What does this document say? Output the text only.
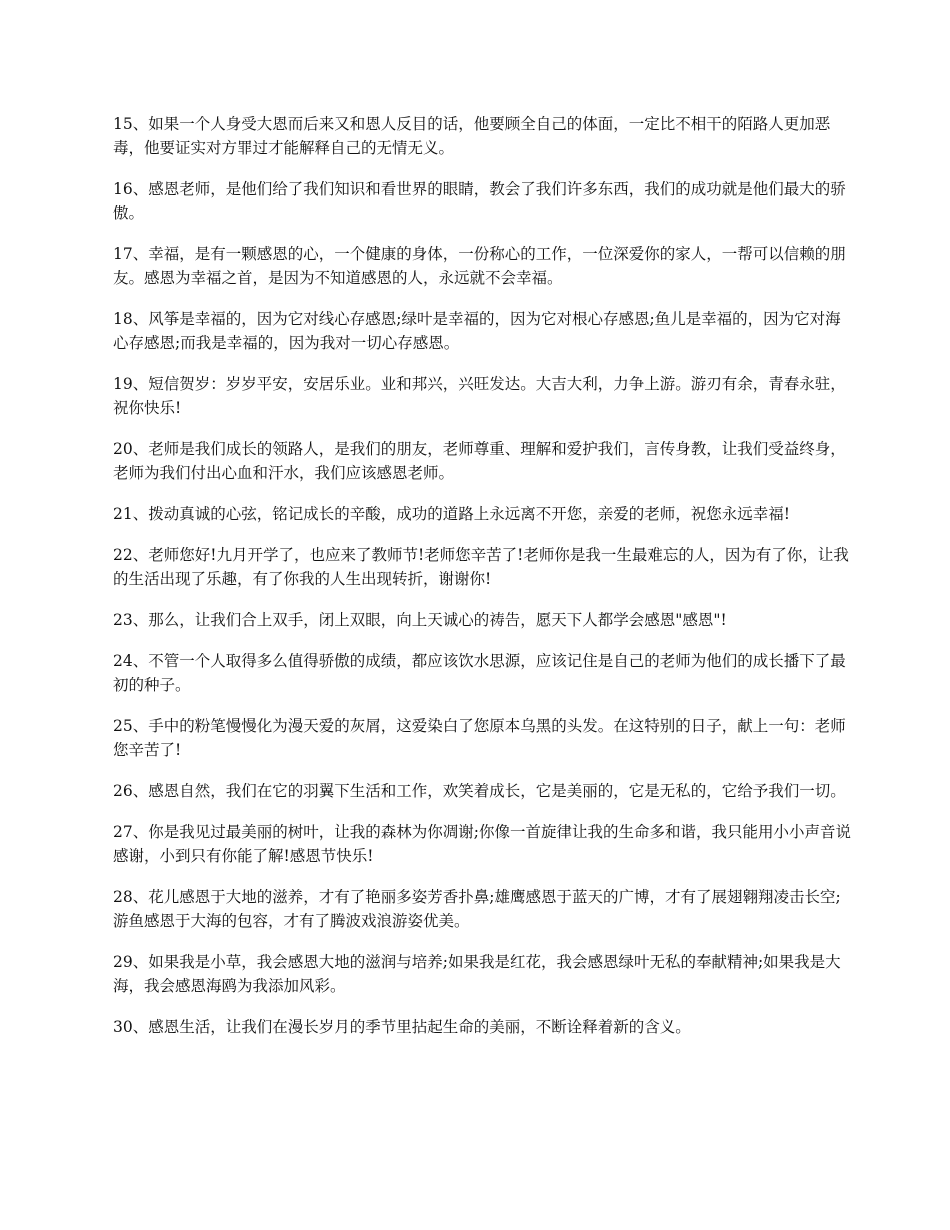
15、如果一个人身受大恩而后来又和恩人反目的话，他要顾全自己的体面，一定比不相干的陌路人更加恶毒，他要证实对方罪过才能解释自己的无情无义。

16、感恩老师，是他们给了我们知识和看世界的眼睛，教会了我们许多东西，我们的成功就是他们最大的骄傲。

17、幸福，是有一颗感恩的心，一个健康的身体，一份称心的工作，一位深爱你的家人，一帮可以信赖的朋友。感恩为幸福之首，是因为不知道感恩的人，永远就不会幸福。

18、风筝是幸福的，因为它对线心存感恩;绿叶是幸福的，因为它对根心存感恩;鱼儿是幸福的，因为它对海心存感恩;而我是幸福的，因为我对一切心存感恩。

19、短信贺岁：岁岁平安，安居乐业。业和邦兴，兴旺发达。大吉大利，力争上游。游刃有余，青春永驻，祝你快乐!

20、老师是我们成长的领路人，是我们的朋友，老师尊重、理解和爱护我们，言传身教，让我们受益终身，老师为我们付出心血和汗水，我们应该感恩老师。

21、拨动真诚的心弦，铭记成长的辛酸，成功的道路上永远离不开您，亲爱的老师，祝您永远幸福!

22、老师您好!九月开学了，也应来了教师节!老师您辛苦了!老师你是我一生最难忘的人，因为有了你，让我的生活出现了乐趣，有了你我的人生出现转折，谢谢你!

23、那么，让我们合上双手，闭上双眼，向上天诚心的祷告，愿天下人都学会感恩"感恩"!

24、不管一个人取得多么值得骄傲的成绩，都应该饮水思源，应该记住是自己的老师为他们的成长播下了最初的种子。

25、手中的粉笔慢慢化为漫天爱的灰屑，这爱染白了您原本乌黑的头发。在这特别的日子，献上一句：老师您辛苦了!

26、感恩自然，我们在它的羽翼下生活和工作，欢笑着成长，它是美丽的，它是无私的，它给予我们一切。

27、你是我见过最美丽的树叶，让我的森林为你凋谢;你像一首旋律让我的生命多和谐，我只能用小小声音说感谢，小到只有你能了解!感恩节快乐!

28、花儿感恩于大地的滋养，才有了艳丽多姿芳香扑鼻;雄鹰感恩于蓝天的广博，才有了展翅翱翔凌击长空;游鱼感恩于大海的包容，才有了腾波戏浪游姿优美。

29、如果我是小草，我会感恩大地的滋润与培养;如果我是红花，我会感恩绿叶无私的奉献精神;如果我是大海，我会感恩海鸥为我添加风彩。

30、感恩生活，让我们在漫长岁月的季节里拈起生命的美丽，不断诠释着新的含义。
